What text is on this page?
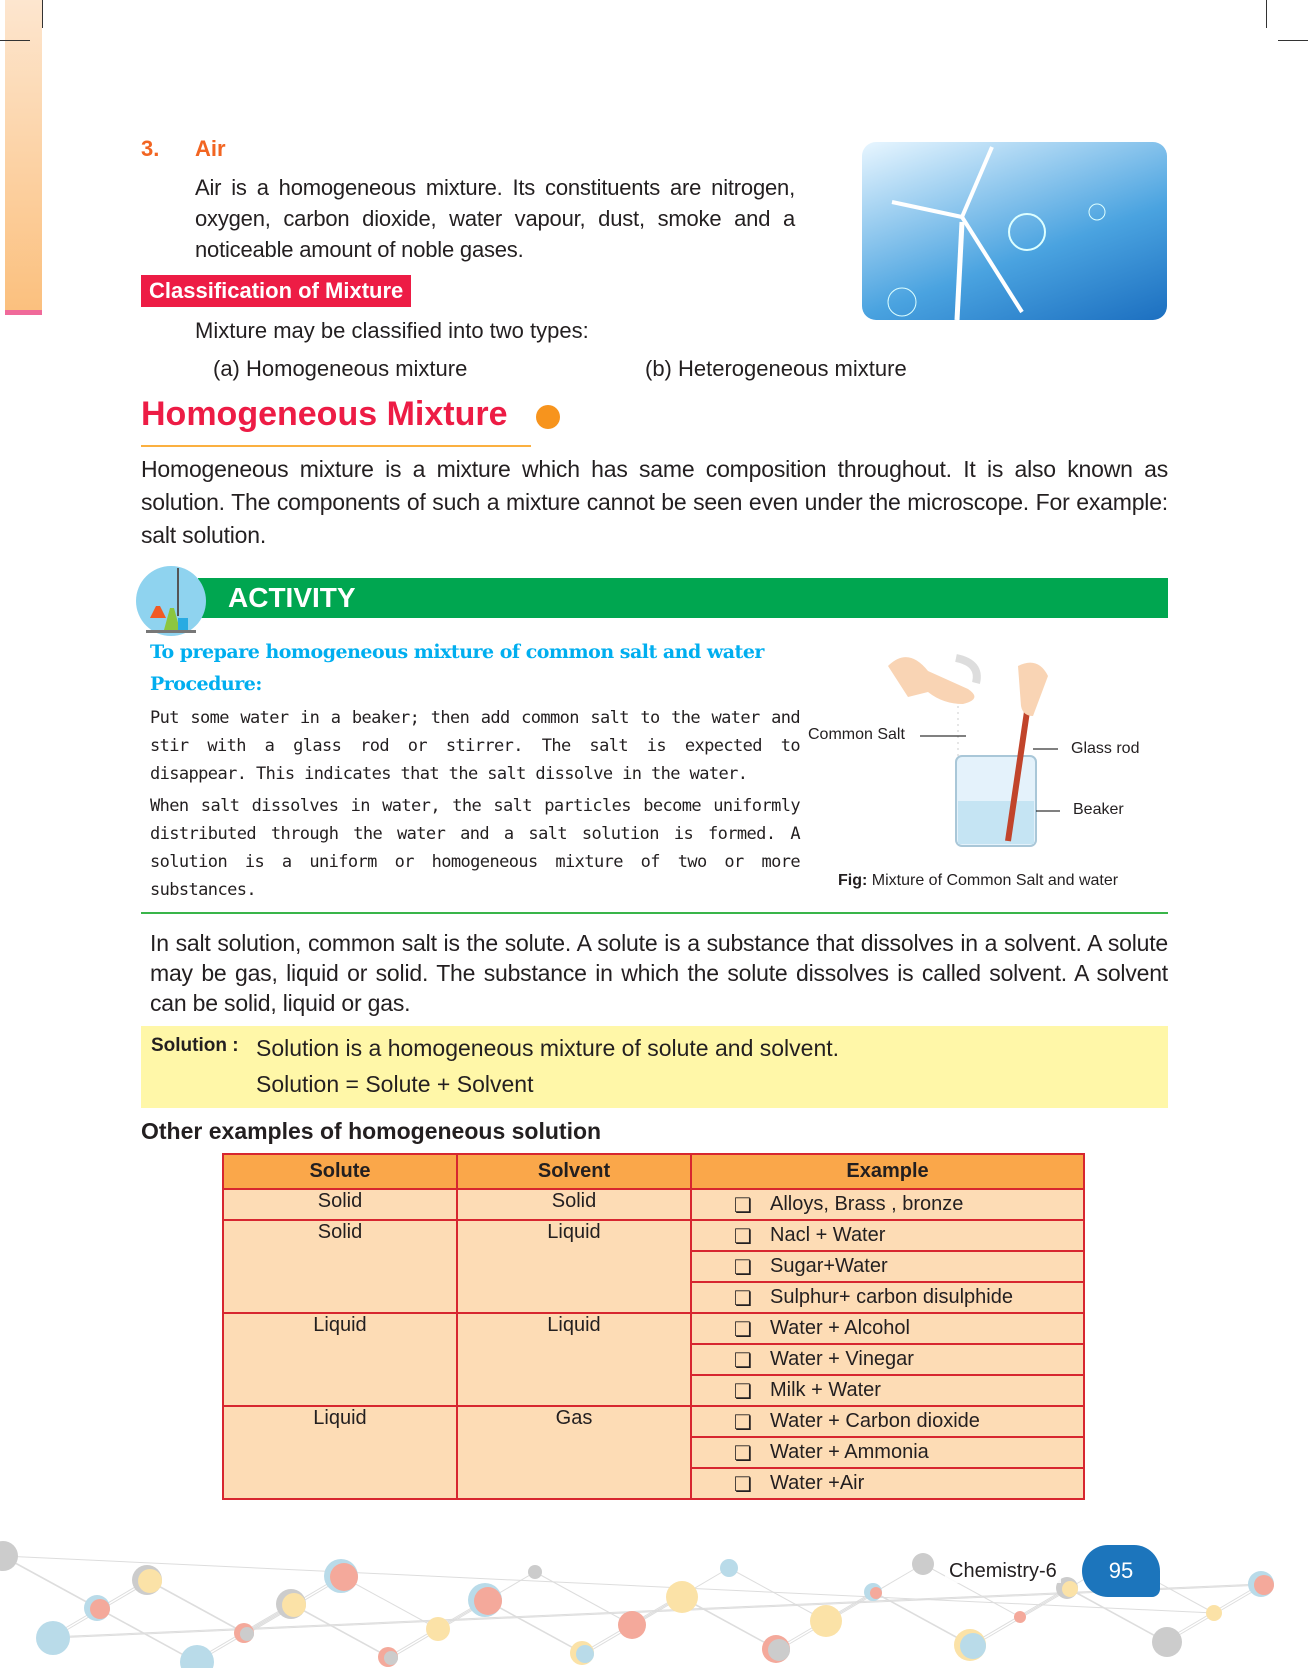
3.	Air
Air is a homogeneous mixture. Its constituents are nitrogen, oxygen, carbon dioxide, water vapour, dust, smoke and a noticeable amount of noble gases.
Classification of Mixture
Mixture may be classified into two types:
(a) Homogeneous mixture	(b) Heterogeneous mixture
Homogeneous Mixture
Homogeneous mixture is a mixture which has same composition throughout. It is also known as solution. The components of such a mixture cannot be seen even under the microscope. For example: salt solution.
ACTIVITY
To prepare homogeneous mixture of common salt and water
Procedure:
Put some water in a beaker; then add common salt to the water and stir with a glass rod or stirrer. The salt is expected to disappear. This indicates that the salt dissolve in the water.
When salt dissolves in water, the salt particles become uniformly distributed through the water and a salt solution is formed. A solution is a uniform or homogeneous mixture of two or more substances.
Common Salt
Glass rod
Beaker
Fig: Mixture of Common Salt and water
In salt solution, common salt is the solute. A solute is a substance that dissolves in a solvent. A solute may be gas, liquid or solid. The substance in which the solute dissolves is called solvent. A solvent can be solid, liquid or gas.
Solution : Solution is a homogeneous mixture of solute and solvent.
Solution = Solute + Solvent
Other examples of homogeneous solution
Solute	Solvent	Example
Solid	Solid	❏ Alloys, Brass , bronze
Solid	Liquid	❏ Nacl + Water

		❏ Sugar+Water

		❏ Sulphur+ carbon disulphide
Liquid	Liquid	❏ Water + Alcohol

		❏ Water + Vinegar

		❏ Milk + Water
Liquid	Gas	❏ Water + Carbon dioxide

		❏ Water + Ammonia

		❏ Water +Air
Chemistry-6	95
